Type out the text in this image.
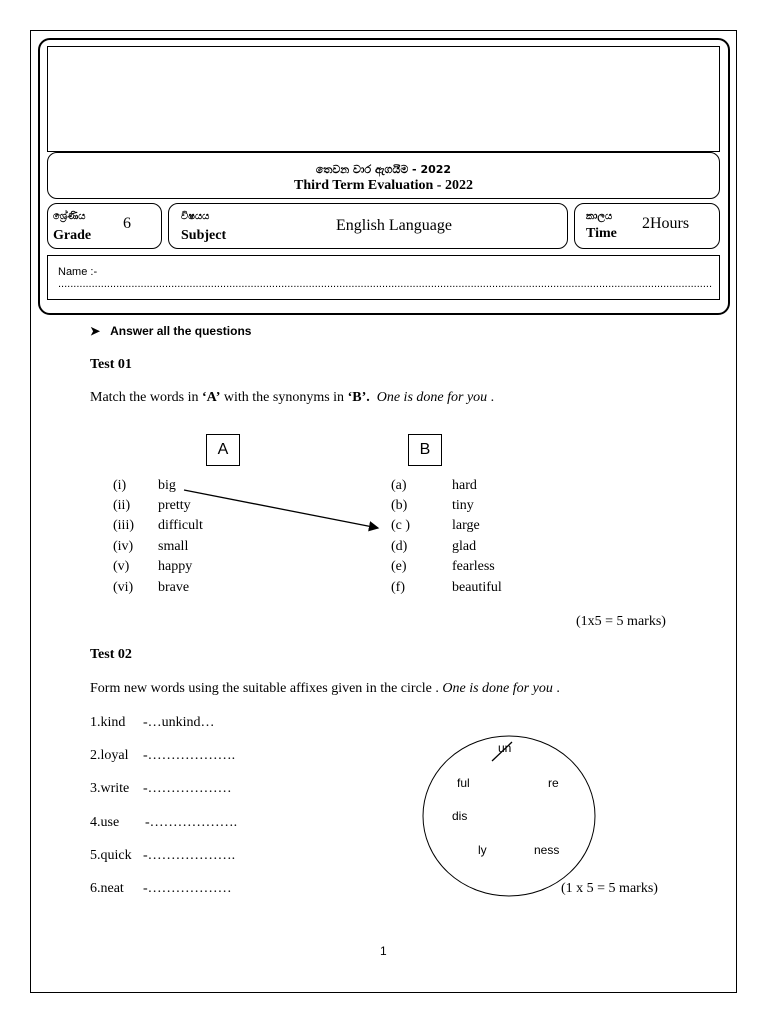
තෙවන වාර ඇගයීම - 2022
Third Term Evaluation - 2022
ශ්‍රේණිය
Grade
6	විෂයය
Subject
English Language
කාලය
Time
2Hours
Name :- ......................................................................................................................................................................................................................
➤ Answer all the questions
Test 01
Match the words in ‘A’ with the synonyms in ‘B’. One is done for you .
A	B
(i) big
(ii) pretty
(iii) difficult
(iv) small
(v) happy
(vi) brave
(a)	hard
(b)	tiny
(c )	large
(d)	glad
(e)	fearless
(f)	beautiful
(1x5 = 5 marks)
Test 02
Form new words using the suitable affixes given in the circle . One is done for you .
1.kind -…unkind…
2.loyal -……………….
3.write -………………
4.use -……………….
5.quick -……………….
6.neat -………………
un
ful	re
dis
ly	ness
(1 x 5 = 5 marks)
1
